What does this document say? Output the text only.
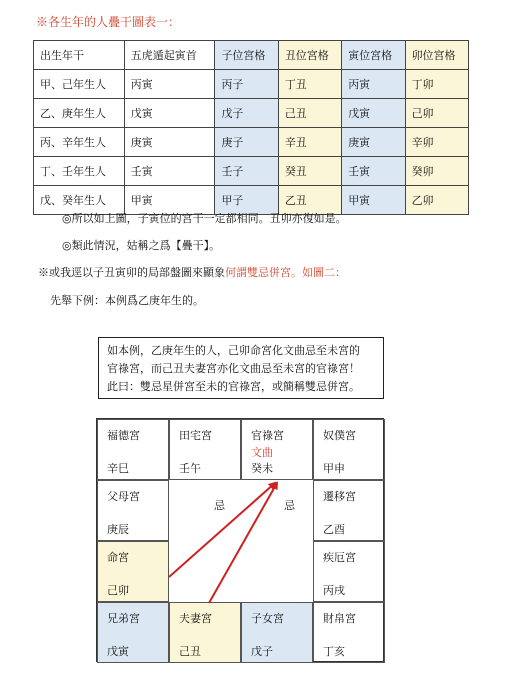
※各生年的人疊干圖表一：
出生年干	五虎遁起寅首	子位宮格	丑位宮格	寅位宮格	卯位宮格
甲、己年生人	丙寅	丙子	丁丑	丙寅	丁卯
乙、庚年生人	戊寅	戊子	己丑	戊寅	己卯
丙、辛年生人	庚寅	庚子	辛丑	庚寅	辛卯
丁、壬年生人	壬寅	壬子	癸丑	壬寅	癸卯
戊、癸年生人	甲寅	甲子	乙丑	甲寅	乙卯
◎所以如上圖，子寅位的宮干一定都相同。丑卯亦復如是。
◎類此情況，姑稱之爲【疊干】。
※或我逕以子丑寅卯的局部盤圖來顯象何謂雙忌併宮。如圖二：
先舉下例：本例爲乙庚年生的。
如本例，乙庚年生的人，己卯命宮化文曲忌至未宮的
官祿宮，而己丑夫妻宮亦化文曲忌至未宮的官祿宮！
此曰：雙忌星併宮至未的官祿宮，或簡稱雙忌併宮。
福德宮
辛巳
田宅宮
壬午
官祿宮
文曲
癸未
奴僕宮
甲申
遷移宮
乙酉
疾厄宮
丙戌
財帛宮
丁亥
子女宮
戊子
夫妻宮
己丑
兄弟宮
戊寅
命宮
己卯
父母宮
庚辰
忌	忌
